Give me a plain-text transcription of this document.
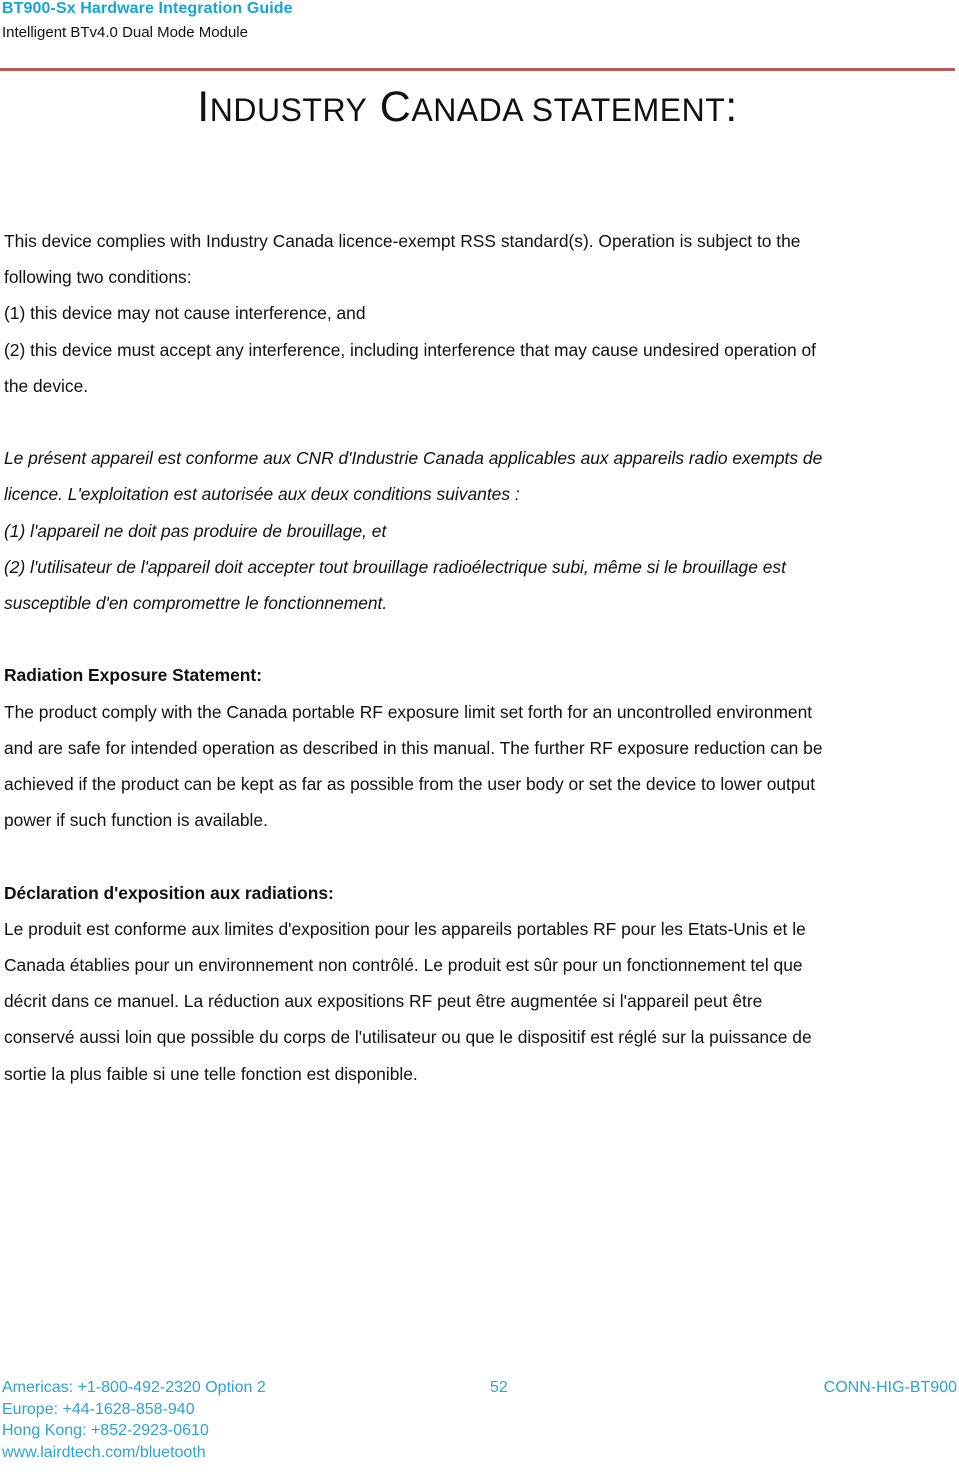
BT900-Sx Hardware Integration Guide
Intelligent BTv4.0 Dual Mode Module
INDUSTRY CANADA STATEMENT:

This device complies with Industry Canada licence-exempt RSS standard(s). Operation is subject to the

following two conditions:

(1) this device may not cause interference, and

(2) this device must accept any interference, including interference that may cause undesired operation of

the device.

Le présent appareil est conforme aux CNR d'Industrie Canada applicables aux appareils radio exempts de

licence. L'exploitation est autorisée aux deux conditions suivantes :

(1) l'appareil ne doit pas produire de brouillage, et

(2) l'utilisateur de l'appareil doit accepter tout brouillage radioélectrique subi, même si le brouillage est

susceptible d'en compromettre le fonctionnement.

Radiation Exposure Statement:

The product comply with the Canada portable RF exposure limit set forth for an uncontrolled environment

and are safe for intended operation as described in this manual. The further RF exposure reduction can be

achieved if the product can be kept as far as possible from the user body or set the device to lower output

power if such function is available.

Déclaration d'exposition aux radiations:

Le produit est conforme aux limites d'exposition pour les appareils portables RF pour les Etats-Unis et le

Canada établies pour un environnement non contrôlé. Le produit est sûr pour un fonctionnement tel que

décrit dans ce manuel. La réduction aux expositions RF peut être augmentée si l'appareil peut être

conservé aussi loin que possible du corps de l'utilisateur ou que le dispositif est réglé sur la puissance de

sortie la plus faible si une telle fonction est disponible.

Americas: +1-800-492-2320 Option 2
Europe: +44-1628-858-940
Hong Kong: +852-2923-0610
www.lairdtech.com/bluetooth
52	CONN-HIG-BT900
